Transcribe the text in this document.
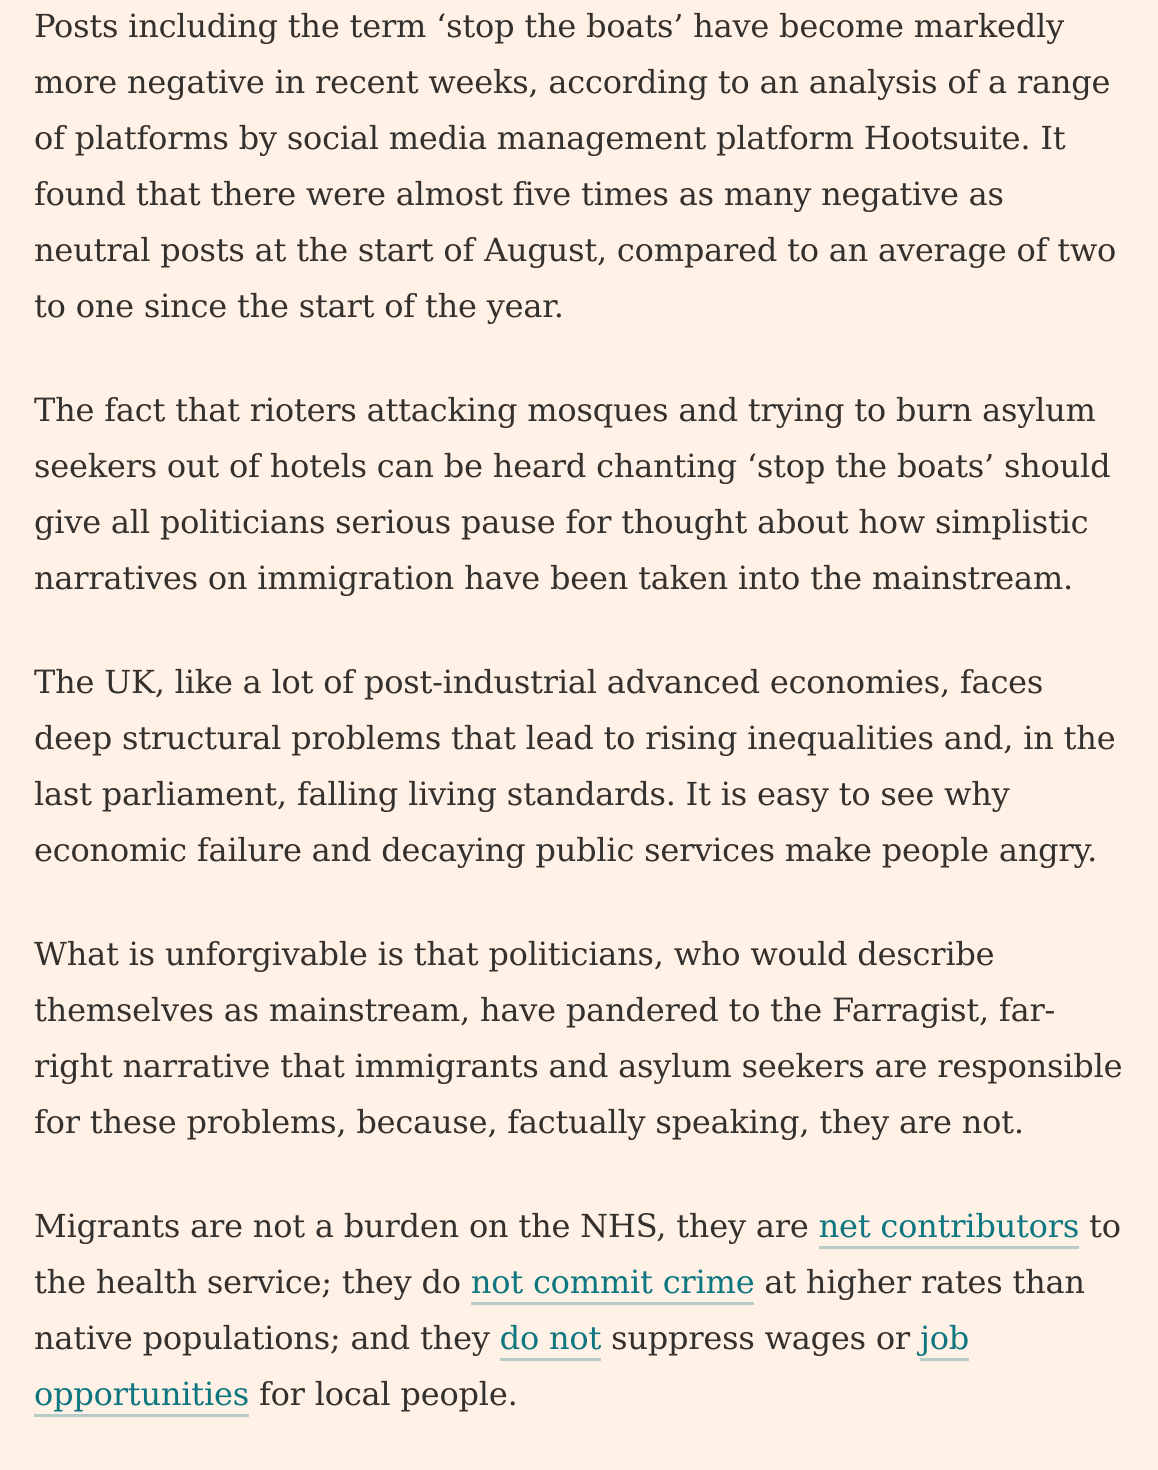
Posts including the term ‘stop the boats’ have become markedly more negative in recent weeks, according to an analysis of a range of platforms by social media management platform Hootsuite. It found that there were almost five times as many negative as neutral posts at the start of August, compared to an average of two to one since the start of the year.

The fact that rioters attacking mosques and trying to burn asylum seekers out of hotels can be heard chanting ‘stop the boats’ should give all politicians serious pause for thought about how simplistic narratives on immigration have been taken into the mainstream.

The UK, like a lot of post-industrial advanced economies, faces deep structural problems that lead to rising inequalities and, in the last parliament, falling living standards. It is easy to see why economic failure and decaying public services make people angry.

What is unforgivable is that politicians, who would describe themselves as mainstream, have pandered to the Farragist, far-right narrative that immigrants and asylum seekers are responsible for these problems, because, factually speaking, they are not.

Migrants are not a burden on the NHS, they are net contributors to the health service; they do not commit crime at higher rates than native populations; and they do not suppress wages or job opportunities for local people.
